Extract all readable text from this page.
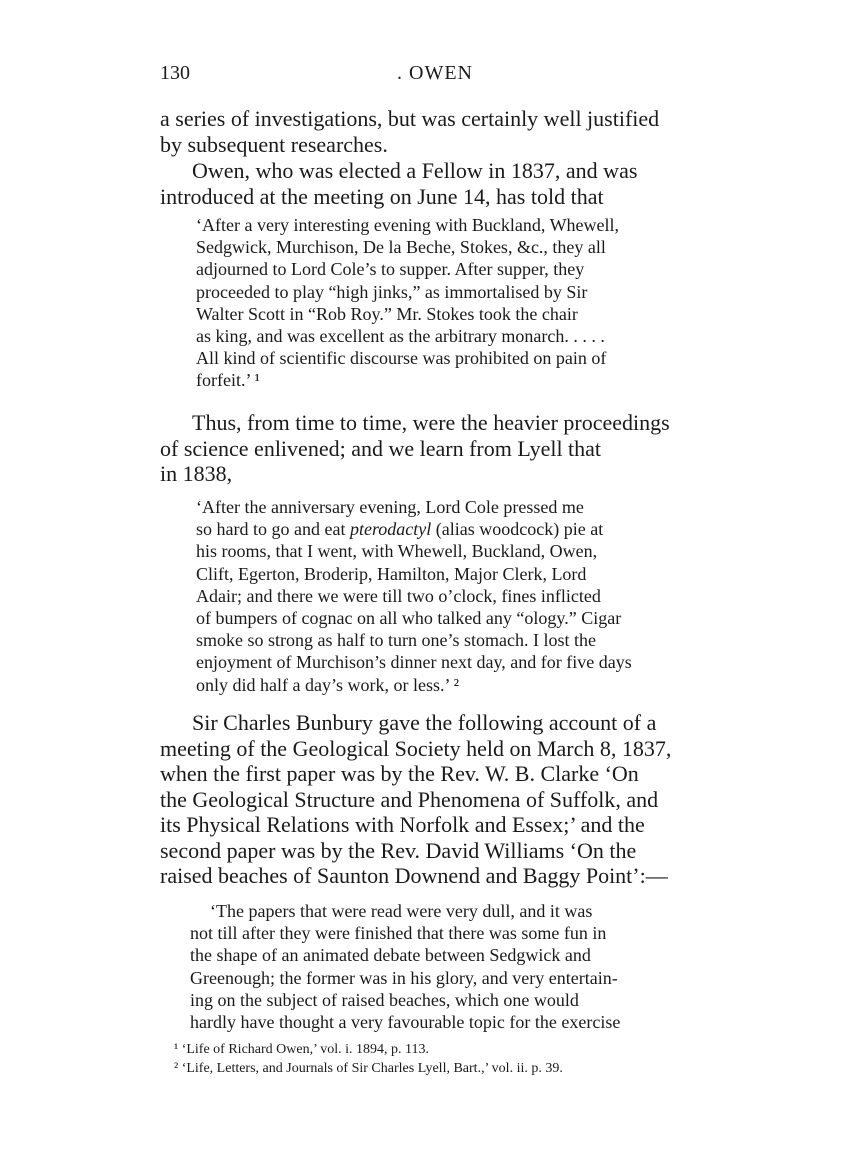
130	. OWEN

a series of investigations, but was certainly well justified
by subsequent researches.

Owen, who was elected a Fellow in 1837, and was
introduced at the meeting on June 14, has told that

‘After a very interesting evening with Buckland, Whewell,
Sedgwick, Murchison, De la Beche, Stokes, &c., they all
adjourned to Lord Cole’s to supper. After supper, they
proceeded to play “high jinks,” as immortalised by Sir
Walter Scott in “Rob Roy.” Mr. Stokes took the chair
as king, and was excellent as the arbitrary monarch. . . . .
All kind of scientific discourse was prohibited on pain of
forfeit.’ ¹

Thus, from time to time, were the heavier proceedings
of science enlivened; and we learn from Lyell that
in 1838,

‘After the anniversary evening, Lord Cole pressed me
so hard to go and eat pterodactyl (alias woodcock) pie at
his rooms, that I went, with Whewell, Buckland, Owen,
Clift, Egerton, Broderip, Hamilton, Major Clerk, Lord
Adair; and there we were till two o’clock, fines inflicted
of bumpers of cognac on all who talked any “ology.” Cigar
smoke so strong as half to turn one’s stomach. I lost the
enjoyment of Murchison’s dinner next day, and for five days
only did half a day’s work, or less.’ ²

Sir Charles Bunbury gave the following account of a
meeting of the Geological Society held on March 8, 1837,
when the first paper was by the Rev. W. B. Clarke ‘On
the Geological Structure and Phenomena of Suffolk, and
its Physical Relations with Norfolk and Essex;’ and the
second paper was by the Rev. David Williams ‘On the
raised beaches of Saunton Downend and Baggy Point’:—

‘The papers that were read were very dull, and it was
not till after they were finished that there was some fun in
the shape of an animated debate between Sedgwick and
Greenough; the former was in his glory, and very entertain-
ing on the subject of raised beaches, which one would
hardly have thought a very favourable topic for the exercise

¹ ‘Life of Richard Owen,’ vol. i. 1894, p. 113.

² ‘Life, Letters, and Journals of Sir Charles Lyell, Bart.,’ vol. ii. p. 39.
